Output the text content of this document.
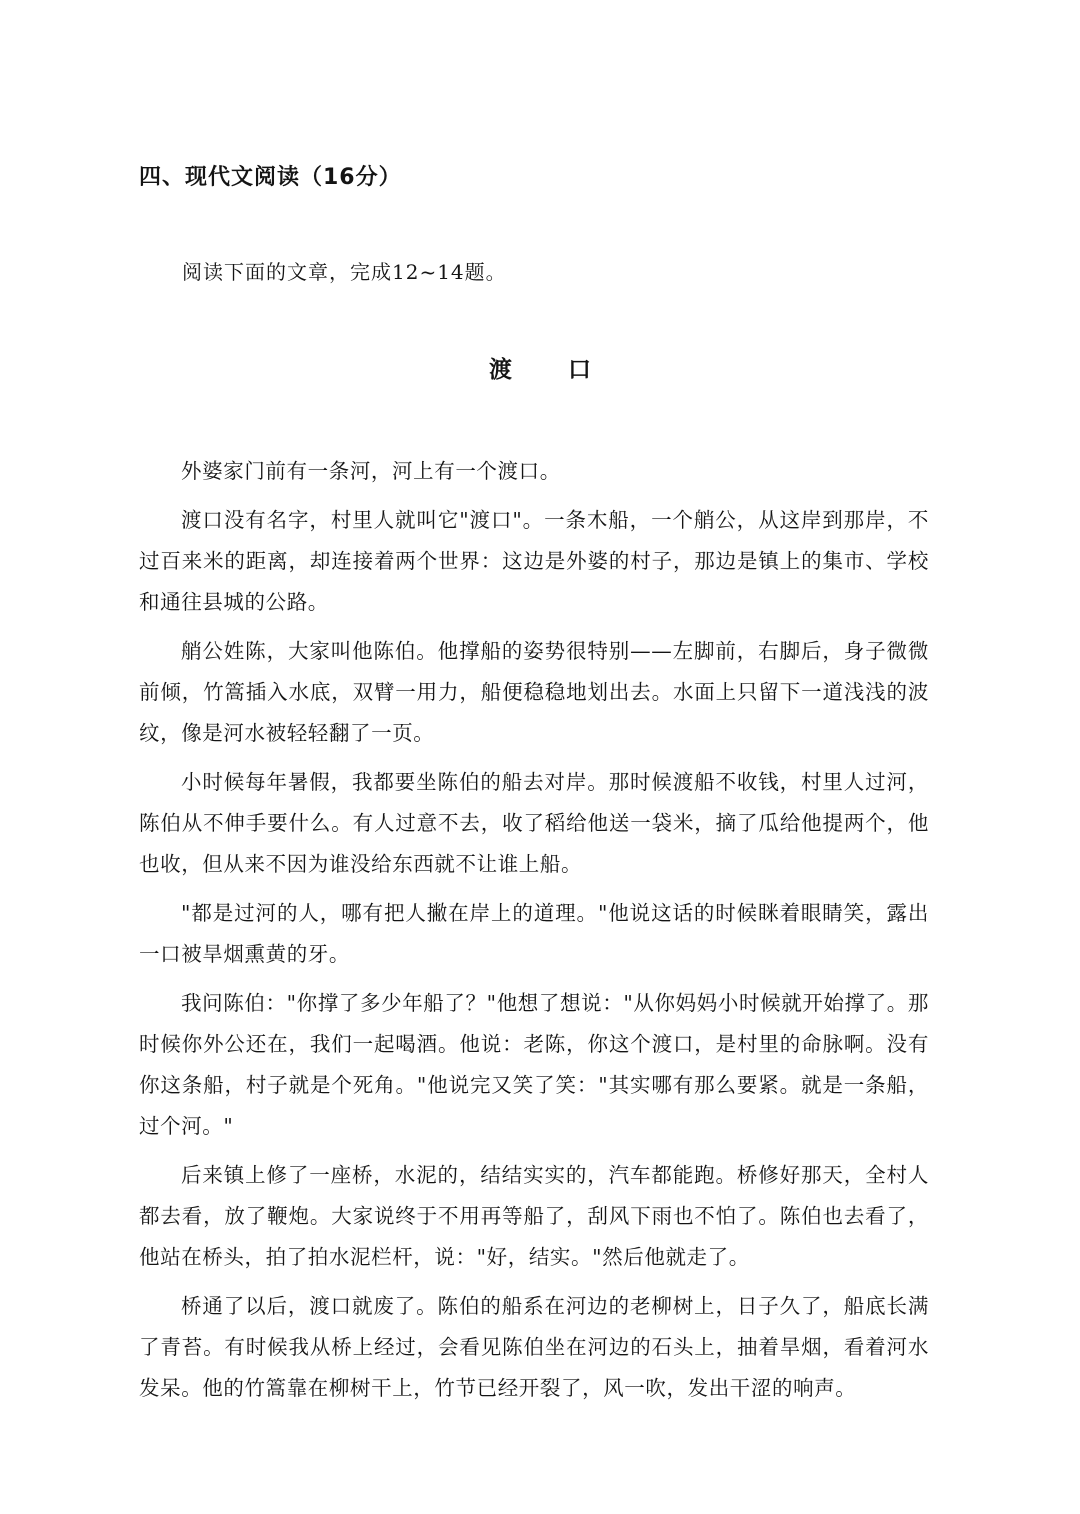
四、现代文阅读（16分）
阅读下面的文章，完成12~14题。
渡 口

外婆家门前有一条河，河上有一个渡口。

渡口没有名字，村里人就叫它"渡口"。一条木船，一个艄公，从这岸到那岸，不过百来米的距离，却连接着两个世界：这边是外婆的村子，那边是镇上的集市、学校和通往县城的公路。

艄公姓陈，大家叫他陈伯。他撑船的姿势很特别——左脚前，右脚后，身子微微前倾，竹篙插入水底，双臂一用力，船便稳稳地划出去。水面上只留下一道浅浅的波纹，像是河水被轻轻翻了一页。

小时候每年暑假，我都要坐陈伯的船去对岸。那时候渡船不收钱，村里人过河，陈伯从不伸手要什么。有人过意不去，收了稻给他送一袋米，摘了瓜给他提两个，他也收，但从来不因为谁没给东西就不让谁上船。

"都是过河的人，哪有把人撇在岸上的道理。"他说这话的时候眯着眼睛笑，露出一口被旱烟熏黄的牙。

我问陈伯："你撑了多少年船了？"他想了想说："从你妈妈小时候就开始撑了。那时候你外公还在，我们一起喝酒。他说：老陈，你这个渡口，是村里的命脉啊。没有你这条船，村子就是个死角。"他说完又笑了笑："其实哪有那么要紧。就是一条船，过个河。"

后来镇上修了一座桥，水泥的，结结实实的，汽车都能跑。桥修好那天，全村人都去看，放了鞭炮。大家说终于不用再等船了，刮风下雨也不怕了。陈伯也去看了，他站在桥头，拍了拍水泥栏杆，说："好，结实。"然后他就走了。

桥通了以后，渡口就废了。陈伯的船系在河边的老柳树上，日子久了，船底长满了青苔。有时候我从桥上经过，会看见陈伯坐在河边的石头上，抽着旱烟，看着河水发呆。他的竹篙靠在柳树干上，竹节已经开裂了，风一吹，发出干涩的响声。
